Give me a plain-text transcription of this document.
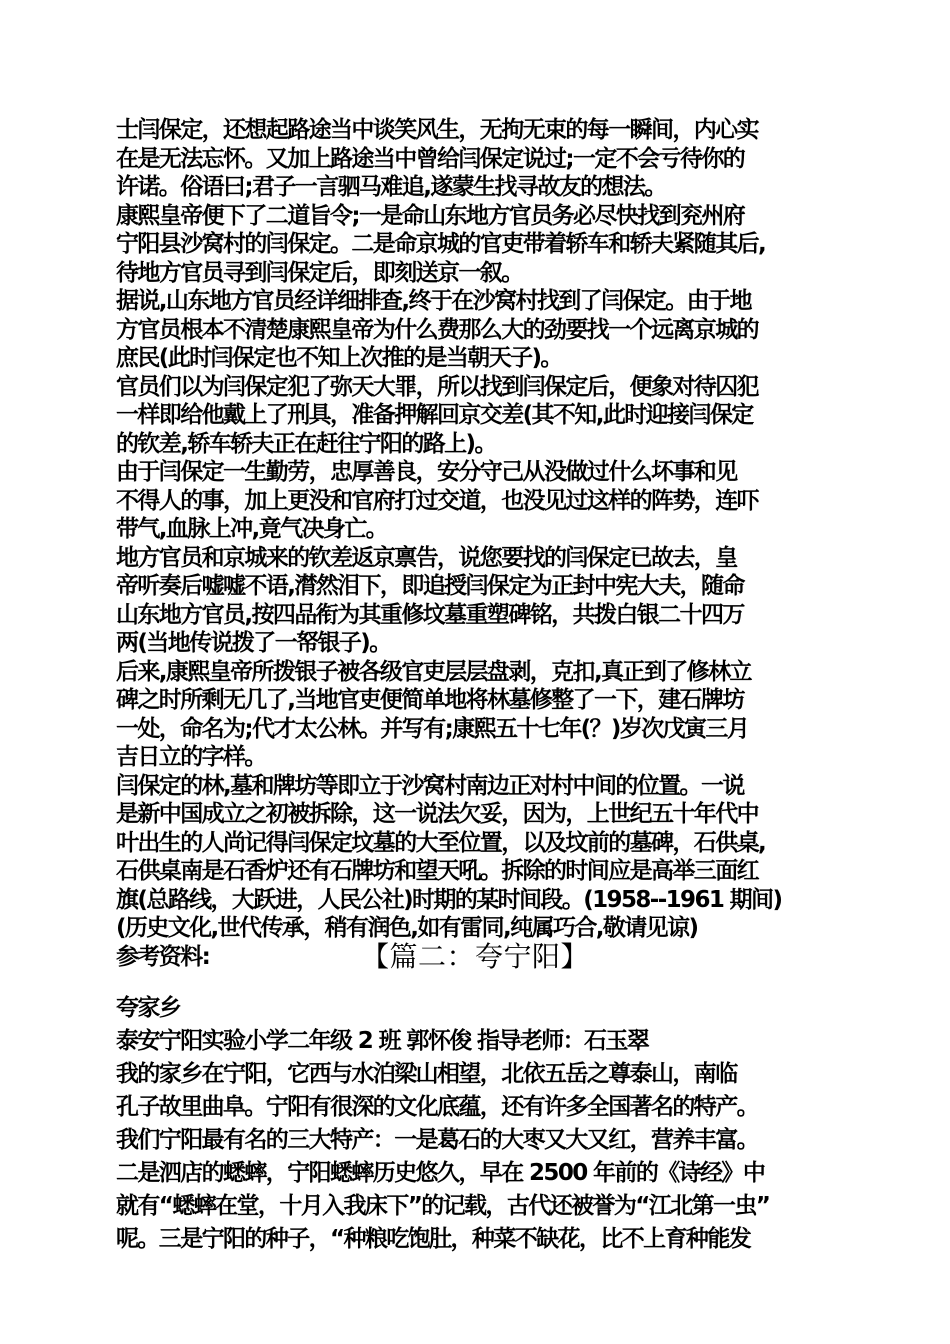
士闫保定，还想起路途当中谈笑风生，无拘无束的每一瞬间，内心实
在是无法忘怀。又加上路途当中曾给闫保定说过;一定不会亏待你的
许诺。俗语曰;君子一言驷马难追,遂蒙生找寻故友的想法。
康熙皇帝便下了二道旨令;一是命山东地方官员务必尽快找到兖州府
宁阳县沙窝村的闫保定。二是命京城的官吏带着轿车和轿夫紧随其后,
待地方官员寻到闫保定后，即刻送京一叙。
据说,山东地方官员经详细排查,终于在沙窝村找到了闫保定。由于地
方官员根本不清楚康熙皇帝为什么费那么大的劲要找一个远离京城的
庶民(此时闫保定也不知上次推的是当朝天子)。
官员们以为闫保定犯了弥天大罪，所以找到闫保定后，便象对待囚犯
一样即给他戴上了刑具，准备押解回京交差(其不知,此时迎接闫保定
的钦差,轿车轿夫正在赶往宁阳的路上)。
由于闫保定一生勤劳，忠厚善良，安分守己从没做过什么坏事和见
不得人的事，加上更没和官府打过交道，也没见过这样的阵势，连吓
带气,血脉上冲,竟气决身亡。
地方官员和京城来的钦差返京禀告，说您要找的闫保定已故去，皇
帝听奏后嘘嘘不语,潸然泪下，即追授闫保定为正封中宪大夫，随命
山东地方官员,按四品衔为其重修坟墓重塑碑铭，共拨白银二十四万
两(当地传说拨了一帑银子)。
后来,康熙皇帝所拨银子被各级官吏层层盘剥，克扣,真正到了修林立
碑之时所剩无几了,当地官吏便简单地将林墓修整了一下，建石牌坊
一处，命名为;代才太公林。并写有;康熙五十七年(？)岁次戊寅三月
吉日立的字样。
闫保定的林,墓和牌坊等即立于沙窝村南边正对村中间的位置。一说
是新中国成立之初被拆除，这一说法欠妥，因为，上世纪五十年代中
叶出生的人尚记得闫保定坟墓的大至位置，以及坟前的墓碑，石供桌,
石供桌南是石香炉还有石牌坊和望天吼。拆除的时间应是高举三面红
旗(总路线，大跃进，人民公社)时期的某时间段。(1958--1961 期间)
(历史文化,世代传承，稍有润色,如有雷同,纯属巧合,敬请见谅)
参考资料:	【篇二：夸宁阳】
夸家乡
泰安宁阳实验小学二年级 2 班 郭怀俊 指导老师：石玉翠
我的家乡在宁阳，它西与水泊梁山相望，北依五岳之尊泰山，南临
孔子故里曲阜。宁阳有很深的文化底蕴，还有许多全国著名的特产。
我们宁阳最有名的三大特产：一是葛石的大枣又大又红，营养丰富。
二是泗店的蟋蟀，宁阳蟋蟀历史悠久，早在 2500 年前的《诗经》中
就有“蟋蟀在堂，十月入我床下”的记载，古代还被誉为“江北第一虫”
呢。三是宁阳的种子，“种粮吃饱肚，种菜不缺花，比不上育种能发
